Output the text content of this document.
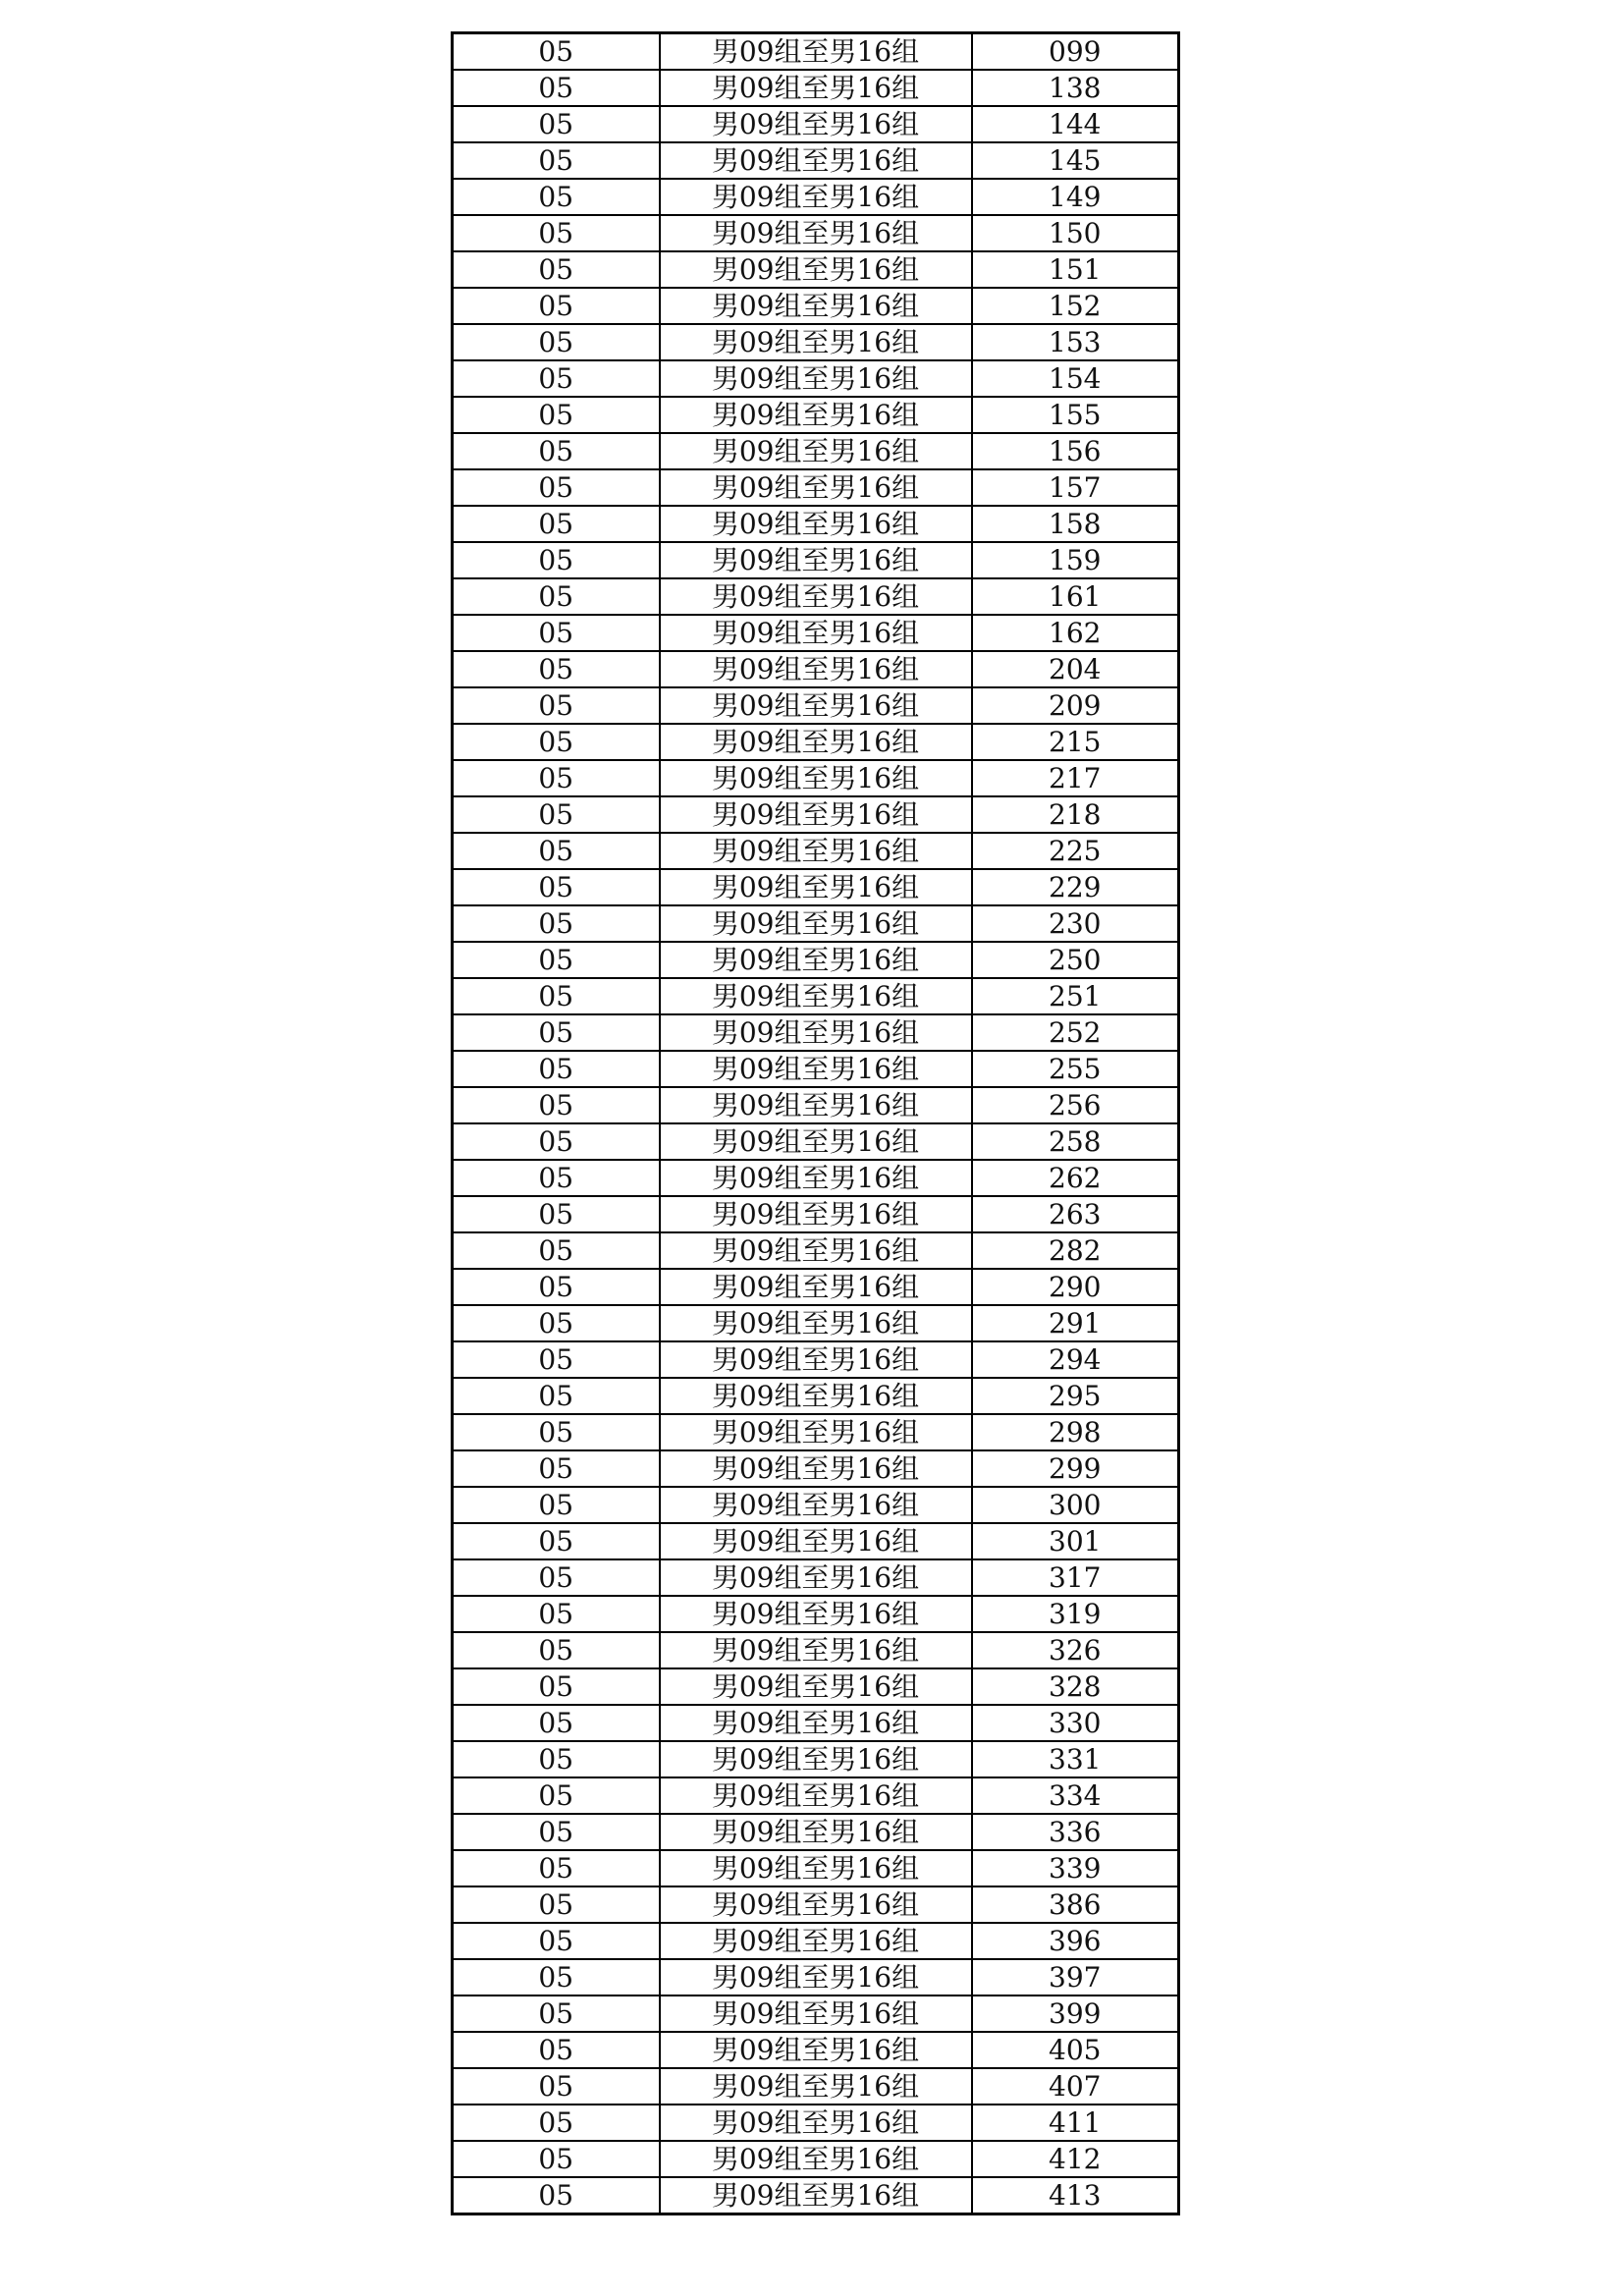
05	男09组至男16组	099
05	男09组至男16组	138
05	男09组至男16组	144
05	男09组至男16组	145
05	男09组至男16组	149
05	男09组至男16组	150
05	男09组至男16组	151
05	男09组至男16组	152
05	男09组至男16组	153
05	男09组至男16组	154
05	男09组至男16组	155
05	男09组至男16组	156
05	男09组至男16组	157
05	男09组至男16组	158
05	男09组至男16组	159
05	男09组至男16组	161
05	男09组至男16组	162
05	男09组至男16组	204
05	男09组至男16组	209
05	男09组至男16组	215
05	男09组至男16组	217
05	男09组至男16组	218
05	男09组至男16组	225
05	男09组至男16组	229
05	男09组至男16组	230
05	男09组至男16组	250
05	男09组至男16组	251
05	男09组至男16组	252
05	男09组至男16组	255
05	男09组至男16组	256
05	男09组至男16组	258
05	男09组至男16组	262
05	男09组至男16组	263
05	男09组至男16组	282
05	男09组至男16组	290
05	男09组至男16组	291
05	男09组至男16组	294
05	男09组至男16组	295
05	男09组至男16组	298
05	男09组至男16组	299
05	男09组至男16组	300
05	男09组至男16组	301
05	男09组至男16组	317
05	男09组至男16组	319
05	男09组至男16组	326
05	男09组至男16组	328
05	男09组至男16组	330
05	男09组至男16组	331
05	男09组至男16组	334
05	男09组至男16组	336
05	男09组至男16组	339
05	男09组至男16组	386
05	男09组至男16组	396
05	男09组至男16组	397
05	男09组至男16组	399
05	男09组至男16组	405
05	男09组至男16组	407
05	男09组至男16组	411
05	男09组至男16组	412
05	男09组至男16组	413
